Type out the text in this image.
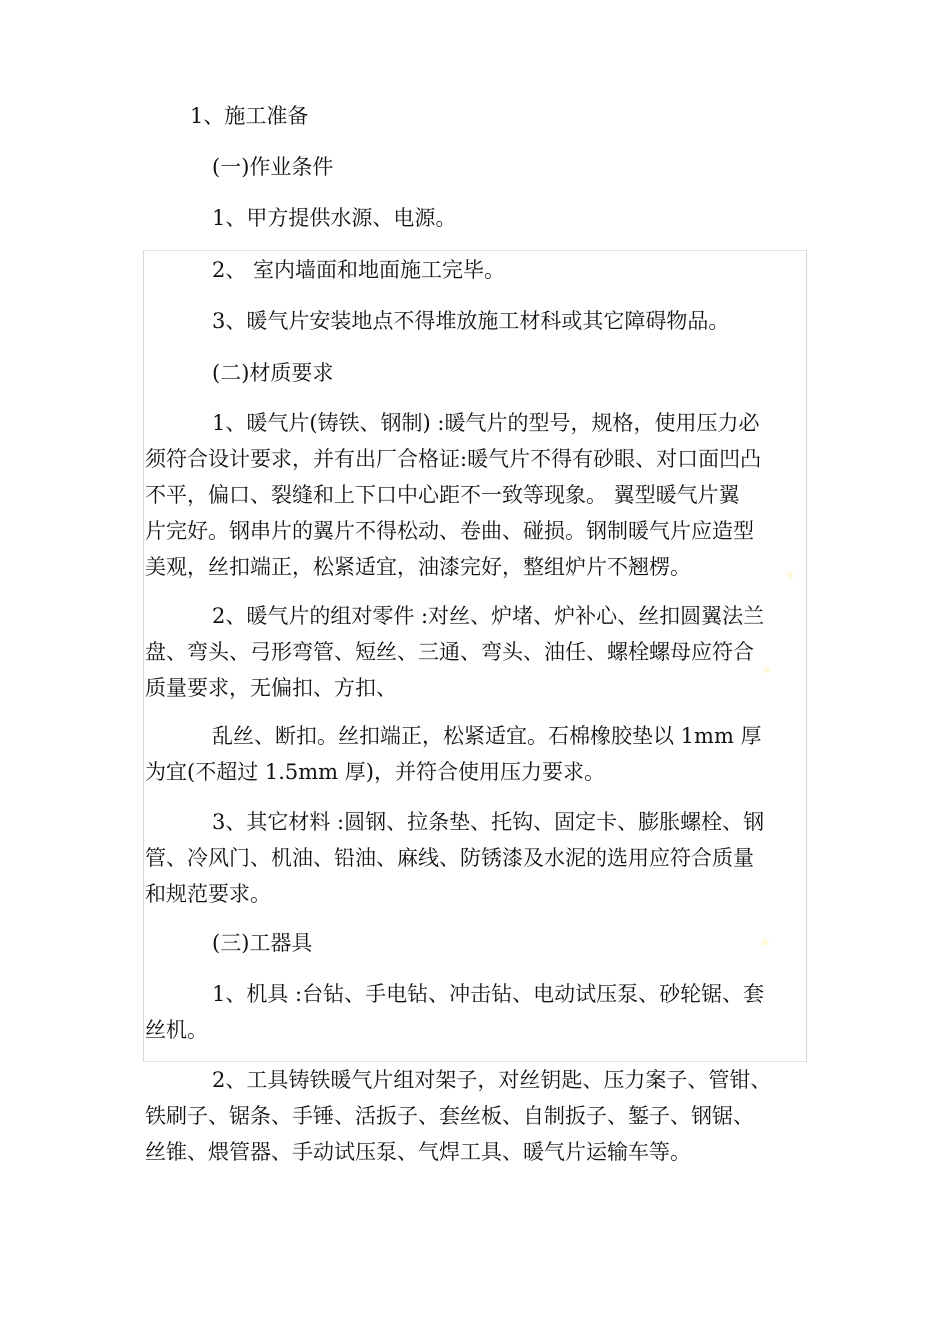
1、施工准备

(一)作业条件

1、甲方提供水源、电源。

2、 室内墙面和地面施工完毕。

3、暖气片安装地点不得堆放施工材科或其它障碍物品。

(二)材质要求

1、暖气片(铸铁、钢制) :暖气片的型号，规格，使用压力必
须符合设计要求，并有出厂合格证:暖气片不得有砂眼、对口面凹凸
不平，偏口、裂缝和上下口中心距不一致等现象。 翼型暖气片翼
片完好。钢串片的翼片不得松动、卷曲、碰损。钢制暖气片应造型
美观，丝扣端正，松紧适宜，油漆完好，整组炉片不翘楞。
2、暖气片的组对零件 :对丝、炉堵、炉补心、丝扣圆翼法兰
盘、弯头、弓形弯管、短丝、三通、弯头、油任、螺栓螺母应符合
质量要求，无偏扣、方扣、
乱丝、断扣。丝扣端正，松紧适宜。石棉橡胶垫以 1mm 厚
为宜(不超过 1.5mm 厚)，并符合使用压力要求。
3、其它材料 :圆钢、拉条垫、托钩、固定卡、膨胀螺栓、钢
管、冷风门、机油、铅油、麻线、防锈漆及水泥的选用应符合质量
和规范要求。

(三)工器具

1、机具 :台钻、手电钻、冲击钻、电动试压泵、砂轮锯、套
丝机。
2、工具铸铁暖气片组对架子，对丝钥匙、压力案子、管钳、
铁刷子、锯条、手锤、活扳子、套丝板、自制扳子、錾子、钢锯、
丝锥、煨管器、手动试压泵、气焊工具、暖气片运输车等。
